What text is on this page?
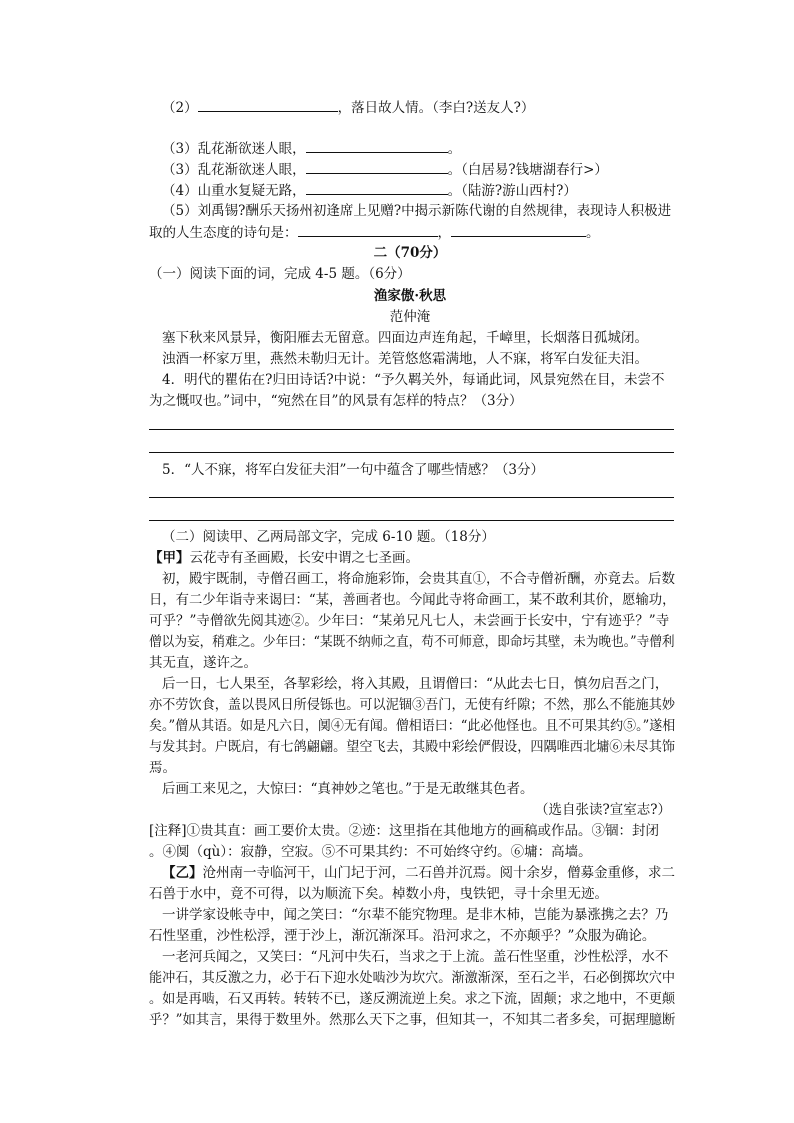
（2）	，落日故人情。（李白?送友人?）
（3）乱花渐欲迷人眼，	。
（3）乱花渐欲迷人眼，	。（白居易?钱塘湖春行>）
（4）山重水复疑无路，	。（陆游?游山西村?）
（5）刘禹锡?酬乐天扬州初逢席上见赠?中揭示新陈代谢的自然规律，表现诗人积极进
取的人生态度的诗句是：	，	。
二（70分）
（一）阅读下面的词，完成 4-5 题。（6分）
渔家傲·秋思
范仲淹
塞下秋来风景异，衡阳雁去无留意。四面边声连角起，千嶂里，长烟落日孤城闭。
浊酒一杯家万里，燕然未勒归无计。羌管悠悠霜满地，人不寐，将军白发征夫泪。
4．明代的瞿佑在?归田诗话?中说：“予久羁关外，每诵此词，风景宛然在目，未尝不
为之慨叹也。”词中，“宛然在目”的风景有怎样的特点？（3分）
5．“人不寐，将军白发征夫泪”一句中蕴含了哪些情感？（3分）
（二）阅读甲、乙两局部文字，完成 6-10 题。（18分）
【甲】云花寺有圣画殿，长安中谓之七圣画。
初，殿宇既制，寺僧召画工，将命施彩饰，会贵其直①，不合寺僧祈酬，亦竟去。后数
日，有二少年诣寺来谒曰：“某，善画者也。今闻此寺将命画工，某不敢利其价，愿输功，
可乎？”寺僧欲先阅其迹②。少年曰：“某弟兄凡七人，未尝画于长安中，宁有迹乎？”寺
僧以为妄，稍难之。少年曰：“某既不纳师之直，苟不可师意，即命圬其壁，未为晚也。”寺僧利
其无直，遂许之。
后一日，七人果至，各挈彩绘，将入其殿，且谓僧曰：“从此去七日，慎勿启吾之门，
亦不劳饮食，盖以畏风日所侵铄也。可以泥锢③吾门，无使有纤隙；不然，那么不能施其妙
矣。”僧从其语。如是凡六日，阒④无有闻。僧相语曰：“此必他怪也。且不可果其约⑤。”遂相
与发其封。户既启，有七鸽翩翩。望空飞去，其殿中彩绘俨假设，四隅唯西北墉⑥未尽其饰
焉。
后画工来见之，大惊曰：“真神妙之笔也。”于是无敢继其色者。
（选自张读?宣室志?）
[注释]①贵其直：画工要价太贵。②迹：这里指在其他地方的画稿或作品。③锢：封闭
。④阒（qù）：寂静，空寂。⑤不可果其约：不可始终守约。⑥墉：高墙。
【乙】沧州南一寺临河干，山门圮于河，二石兽并沉焉。阅十余岁，僧募金重修，求二
石兽于水中，竟不可得，以为顺流下矣。棹数小舟，曳铁钯，寻十余里无迹。
一讲学家设帐寺中，闻之笑曰：“尔辈不能究物理。是非木杮，岂能为暴涨携之去？乃
石性坚重，沙性松浮，湮于沙上，渐沉渐深耳。沿河求之，不亦颠乎？”众服为确论。
一老河兵闻之，又笑曰：“凡河中失石，当求之于上流。盖石性坚重，沙性松浮，水不
能冲石，其反激之力，必于石下迎水处啮沙为坎穴。渐激渐深，至石之半，石必倒掷坎穴中
。如是再啮，石又再转。转转不已，遂反溯流逆上矣。求之下流，固颠；求之地中，不更颠
乎？”如其言，果得于数里外。然那么天下之事，但知其一，不知其二者多矣，可据理臆断
